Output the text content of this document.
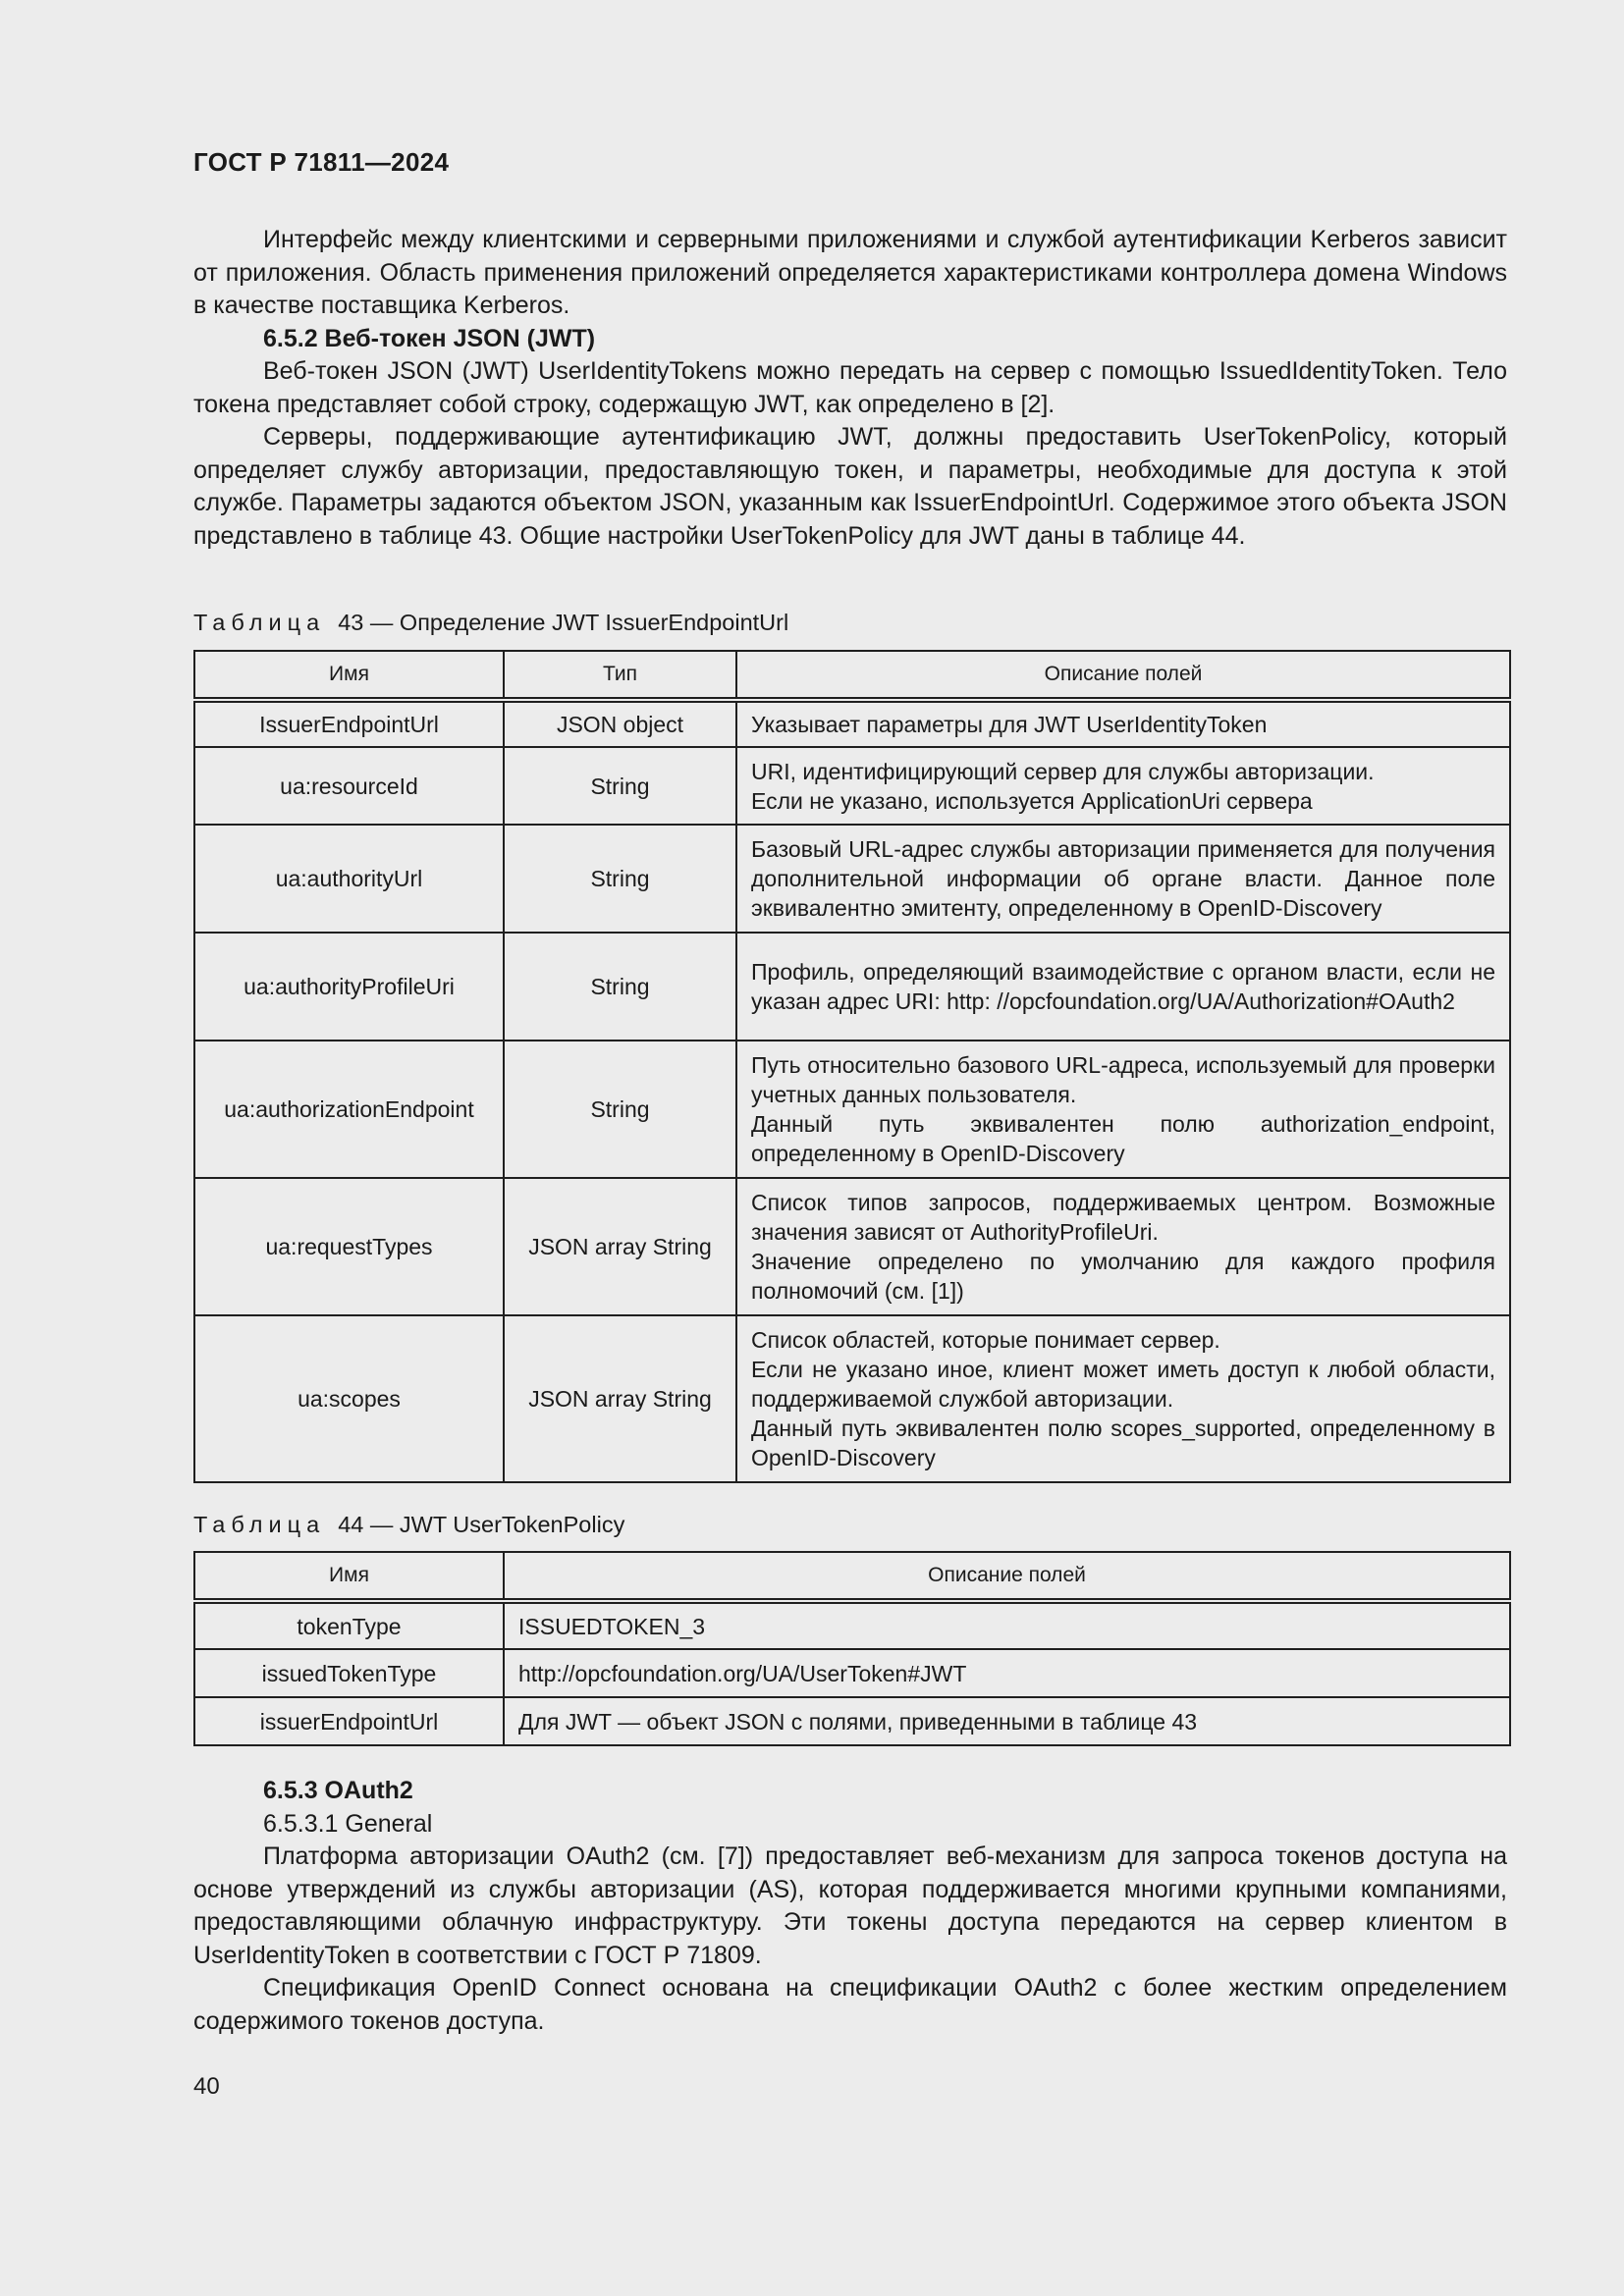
ГОСТ Р 71811—2024

Интерфейс между клиентскими и серверными приложениями и службой аутентификации Kerberos зависит от приложения. Область применения приложений определяется характеристиками контроллера домена Windows в качестве поставщика Kerberos.

6.5.2 Веб-токен JSON (JWT)

Веб-токен JSON (JWT) UserIdentityTokens можно передать на сервер с помощью IssuedIdentityToken. Тело токена представляет собой строку, содержащую JWT, как определено в [2].

Серверы, поддерживающие аутентификацию JWT, должны предоставить UserTokenPolicy, который определяет службу авторизации, предоставляющую токен, и параметры, необходимые для доступа к этой службе. Параметры задаются объектом JSON, указанным как IssuerEndpointUrl. Содержимое этого объекта JSON представлено в таблице 43. Общие настройки UserTokenPolicy для JWT даны в таблице 44.

Таблица 43 — Определение JWT IssuerEndpointUrl
Имя	Тип	Описание полей
IssuerEndpointUrl	JSON object	Указывает параметры для JWT UserIdentityToken

ua:resourceId	String	URI, идентифицирующий сервер для службы авторизации.
Если не указано, используется ApplicationUri сервера

ua:authorityUrl	String	Базовый URL-адрес службы авторизации применяется для получения дополнительной информации об органе власти. Данное поле эквивалентно эмитенту, определенному в OpenID-Discovery

ua:authorityProfileUri	String	Профиль, определяющий взаимодействие с органом власти, если не указан адрес URI: http: //opcfoundation.org/UA/Authorization#OAuth2

ua:authorizationEndpoint	String	Путь относительно базового URL-адреса, используемый для проверки учетных данных пользователя.
Данный путь эквивалентен полю authorization_endpoint, определенному в OpenID-Discovery

ua:requestTypes	JSON array String	Список типов запросов, поддерживаемых центром. Возможные значения зависят от AuthorityProfileUri.
Значение определено по умолчанию для каждого профиля полномочий (см. [1])

ua:scopes	JSON array String	Список областей, которые понимает сервер.
Если не указано иное, клиент может иметь доступ к любой области, поддерживаемой службой авторизации.
Данный путь эквивалентен полю scopes_supported, определенному в OpenID-Discovery
Таблица 44 — JWT UserTokenPolicy
Имя	Описание полей
tokenType	ISSUEDTOKEN_3
issuedTokenType	http://opcfoundation.org/UA/UserToken#JWT
issuerEndpointUrl	Для JWT — объект JSON с полями, приведенными в таблице 43

6.5.3 OAuth2

6.5.3.1 General

Платформа авторизации OAuth2 (см. [7]) предоставляет веб-механизм для запроса токенов доступа на основе утверждений из службы авторизации (AS), которая поддерживается многими крупными компаниями, предоставляющими облачную инфраструктуру. Эти токены доступа передаются на сервер клиентом в UserIdentityToken в соответствии с ГОСТ Р 71809.

Спецификация OpenID Connect основана на спецификации OAuth2 с более жестким определением содержимого токенов доступа.

40
